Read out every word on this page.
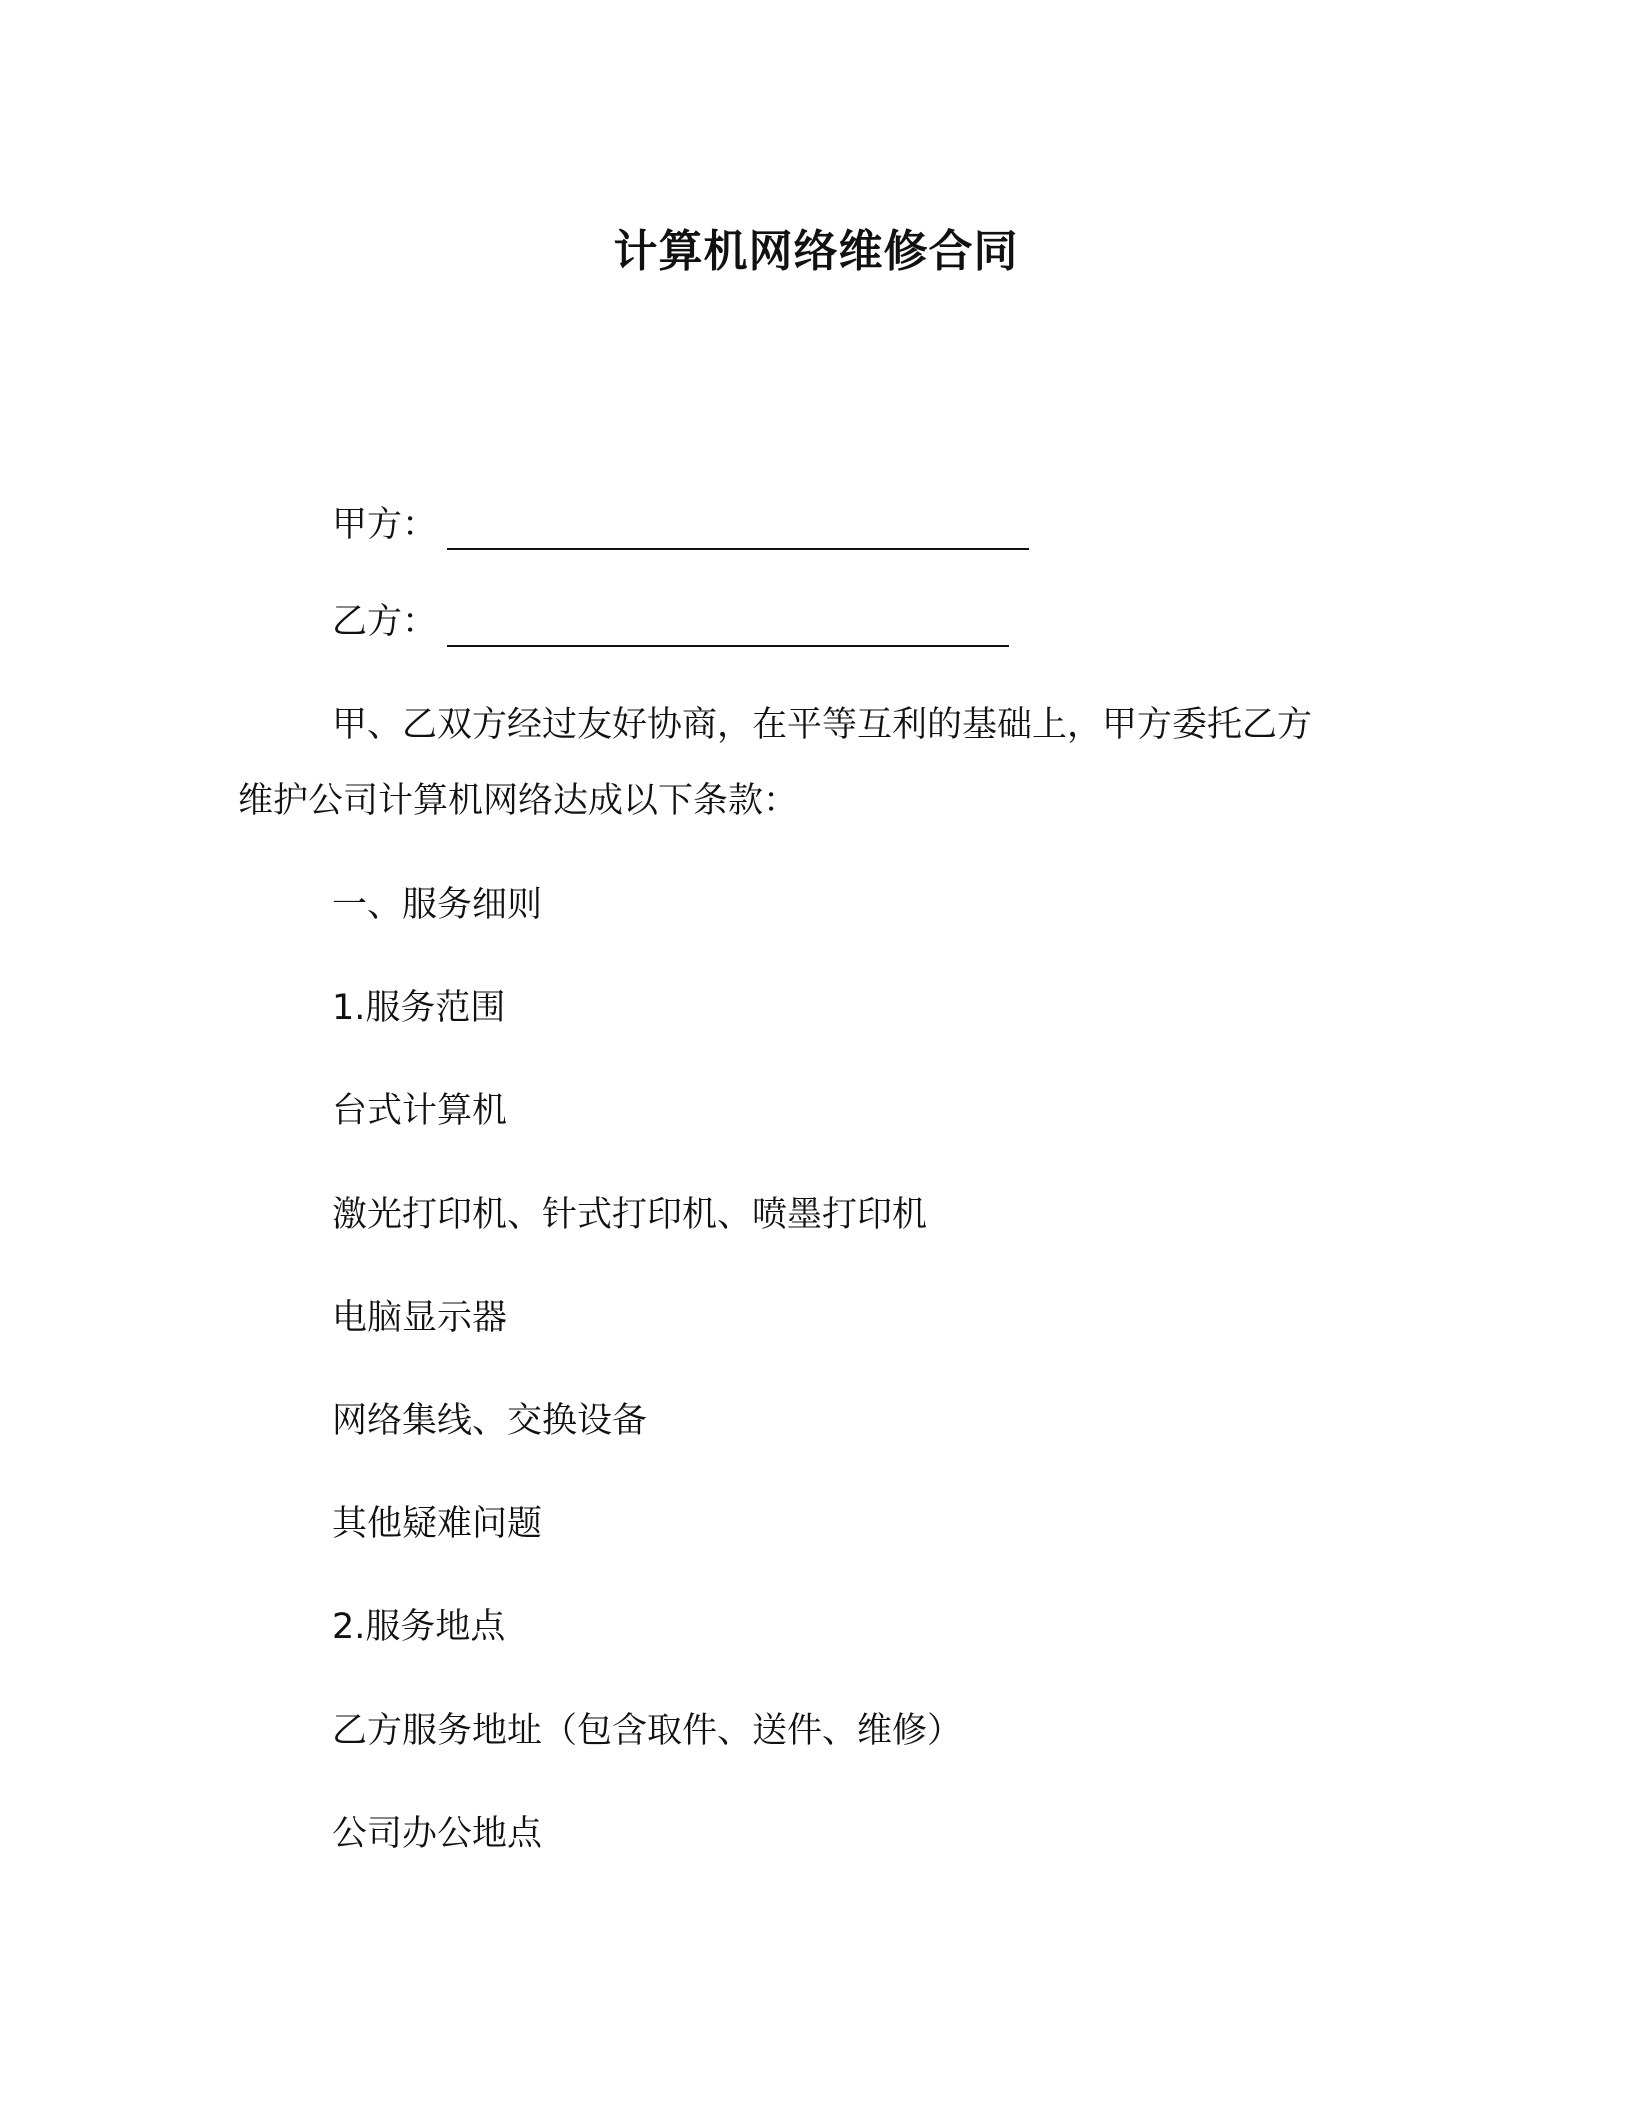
计算机网络维修合同
甲方：
乙方：
甲、乙双方经过友好协商，在平等互利的基础上，甲方委托乙方
维护公司计算机网络达成以下条款：
一、服务细则
1.服务范围
台式计算机
激光打印机、针式打印机、喷墨打印机
电脑显示器
网络集线、交换设备
其他疑难问题
2.服务地点
乙方服务地址（包含取件、送件、维修）
公司办公地点
